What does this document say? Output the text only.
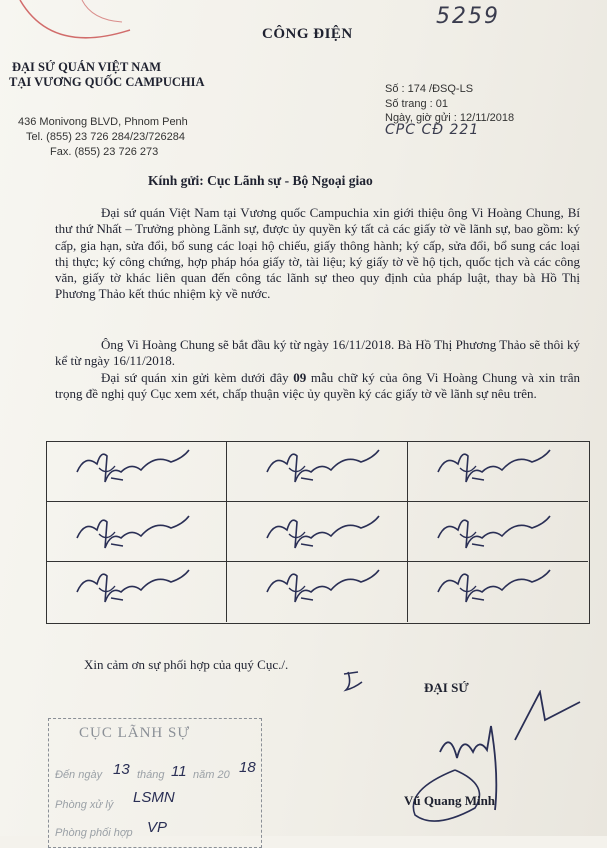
5259
CÔNG ĐIỆN
ĐẠI SỨ QUÁN VIỆT NAM
TẠI VƯƠNG QUỐC CAMPUCHIA
436 Monivong BLVD, Phnom Penh
Tel. (855) 23 726 284/23/726284
Fax. (855) 23 726 273
Số : 174 /ĐSQ-LS
Số trang : 01
Ngày, giờ gửi : 12/11/2018
CPC CĐ 221
Kính gửi: Cục Lãnh sự - Bộ Ngoại giao
Đại sứ quán Việt Nam tại Vương quốc Campuchia xin giới thiệu ông Vi Hoàng Chung, Bí thư thứ Nhất – Trưởng phòng Lãnh sự, được ủy quyền ký tất cả các giấy tờ về lãnh sự, bao gồm: ký cấp, gia hạn, sửa đổi, bổ sung các loại hộ chiếu, giấy thông hành; ký cấp, sửa đổi, bổ sung các loại thị thực; ký công chứng, hợp pháp hóa giấy tờ, tài liệu; ký giấy tờ về hộ tịch, quốc tịch và các công văn, giấy tờ khác liên quan đến công tác lãnh sự theo quy định của pháp luật, thay bà Hồ Thị Phương Thảo kết thúc nhiệm kỳ về nước.
Ông Vi Hoàng Chung sẽ bắt đầu ký từ ngày 16/11/2018. Bà Hồ Thị Phương Thảo sẽ thôi ký kể từ ngày 16/11/2018.
Đại sứ quán xin gửi kèm dưới đây 09 mẫu chữ ký của ông Vi Hoàng Chung và xin trân trọng đề nghị quý Cục xem xét, chấp thuận việc ủy quyền ký các giấy tờ về lãnh sự nêu trên.
Xin cảm ơn sự phối hợp của quý Cục./.
ĐẠI SỨ
Vũ Quang Minh
CỤC LÃNH SỰ
Đến ngày 13 tháng 11 năm 20 18
Phòng xử lý LSMN
Phòng phối hợp VP
